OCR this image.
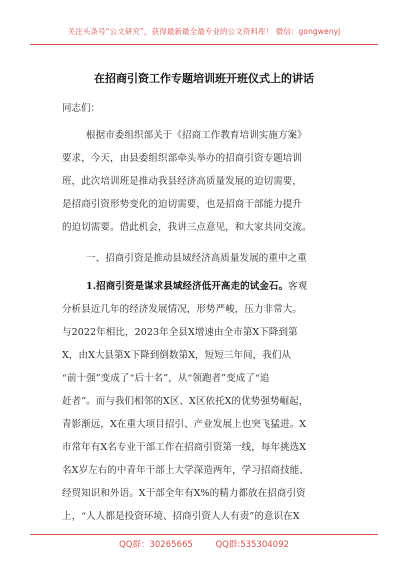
关注头条号“公文研究”，获得最新最全最专业的公文资料库！ 微信：gongwenyj
在招商引资工作专题培训班开班仪式上的讲话
同志们：
根据市委组织部关于《招商工作教育培训实施方案》
要求，今天，由县委组织部牵头举办的招商引资专题培训
班，此次培训班是推动我县经济高质量发展的迫切需要，
是招商引资形势变化的迫切需要，也是招商干部能力提升
的迫切需要。借此机会，我讲三点意见，和大家共同交流。
一、招商引资是推动县域经济高质量发展的重中之重
1.招商引资是谋求县域经济低开高走的试金石。客观
分析县近几年的经济发展情况，形势严峻，压力非常大。
与2022年相比，2023年全县X增速由全市第X下降到第
X，由X大县第X下降到倒数第X，短短三年间，我们从
“前十强”变成了“后十名”，从“领跑者”变成了“追
赶者”。而与我们相邻的X区、X区依托X的优势强势崛起，
青影渐远，X在重大项目招引、产业发展上也突飞猛进。X
市常年有X名专业干部工作在招商引资第一线，每年挑选X
名X岁左右的中青年干部上大学深造两年，学习招商技能、
经贸知识和外语。X干部全年有X%的精力都放在招商引资
上，“人人都是投资环境、招商引资人人有责”的意识在X
QQ群：30265665	QQ群:535304092
